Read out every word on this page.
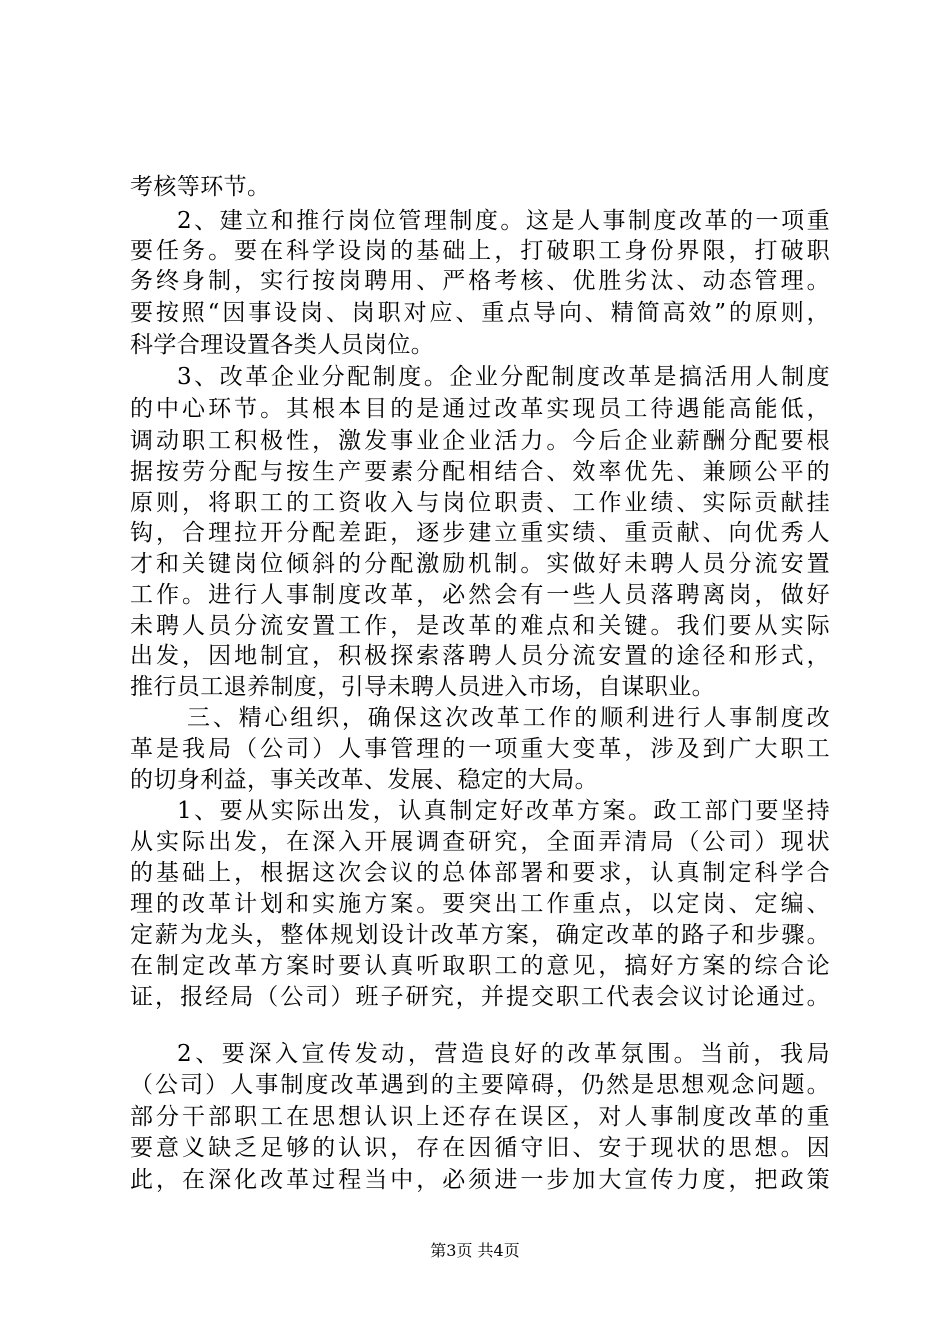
考核等环节。
2、建立和推行岗位管理制度。这是人事制度改革的一项重
要任务。要在科学设岗的基础上，打破职工身份界限，打破职
务终身制，实行按岗聘用、严格考核、优胜劣汰、动态管理。
要按照“因事设岗、岗职对应、重点导向、精简高效”的原则，
科学合理设置各类人员岗位。
3、改革企业分配制度。企业分配制度改革是搞活用人制度
的中心环节。其根本目的是通过改革实现员工待遇能高能低，
调动职工积极性，激发事业企业活力。今后企业薪酬分配要根
据按劳分配与按生产要素分配相结合、效率优先、兼顾公平的
原则，将职工的工资收入与岗位职责、工作业绩、实际贡献挂
钩，合理拉开分配差距，逐步建立重实绩、重贡献、向优秀人
才和关键岗位倾斜的分配激励机制。实做好未聘人员分流安置
工作。进行人事制度改革，必然会有一些人员落聘离岗，做好
未聘人员分流安置工作，是改革的难点和关键。我们要从实际
出发，因地制宜，积极探索落聘人员分流安置的途径和形式，
推行员工退养制度，引导未聘人员进入市场，自谋职业。
三、精心组织，确保这次改革工作的顺利进行人事制度改
革是我局（公司）人事管理的一项重大变革，涉及到广大职工
的切身利益，事关改革、发展、稳定的大局。
1、要从实际出发，认真制定好改革方案。政工部门要坚持
从实际出发，在深入开展调查研究，全面弄清局（公司）现状
的基础上，根据这次会议的总体部署和要求，认真制定科学合
理的改革计划和实施方案。要突出工作重点，以定岗、定编、
定薪为龙头，整体规划设计改革方案，确定改革的路子和步骤。
在制定改革方案时要认真听取职工的意见，搞好方案的综合论
证，报经局（公司）班子研究，并提交职工代表会议讨论通过。
2、要深入宣传发动，营造良好的改革氛围。当前，我局
（公司）人事制度改革遇到的主要障碍，仍然是思想观念问题。
部分干部职工在思想认识上还存在误区，对人事制度改革的重
要意义缺乏足够的认识，存在因循守旧、安于现状的思想。因
此，在深化改革过程当中，必须进一步加大宣传力度，把政策
第3页 共4页
